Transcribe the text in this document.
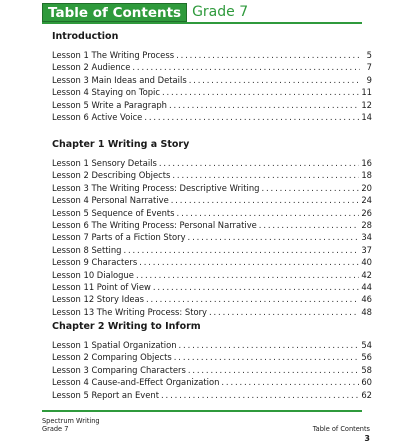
Table of Contents Grade 7
Introduction
Lesson 1 The Writing Process . . .	5
Lesson 2 Audience . . .	7
Lesson 3 Main Ideas and Details . . .	9
Lesson 4 Staying on Topic . . .	11
Lesson 5 Write a Paragraph . . .	12
Lesson 6 Active Voice . . .	14
Chapter 1 Writing a Story
Lesson 1 Sensory Details . . .	16
Lesson 2 Describing Objects . . .	18
Lesson 3 The Writing Process: Descriptive Writing . . .	20
Lesson 4 Personal Narrative . . .	24
Lesson 5 Sequence of Events . . .	26
Lesson 6 The Writing Process: Personal Narrative . . .	28
Lesson 7 Parts of a Fiction Story . . .	34
Lesson 8 Setting . . .	37
Lesson 9 Characters . . .	40
Lesson 10 Dialogue . . .	42
Lesson 11 Point of View . . .	44
Lesson 12 Story Ideas . . .	46
Lesson 13 The Writing Process: Story . . .	48
Chapter 2 Writing to Inform
Lesson 1 Spatial Organization . . .	54
Lesson 2 Comparing Objects . . .	56
Lesson 3 Comparing Characters . . .	58
Lesson 4 Cause-and-Effect Organization . . .	60
Lesson 5 Report an Event . . .	62
Spectrum Writing
Grade 7	Table of Contents
3
